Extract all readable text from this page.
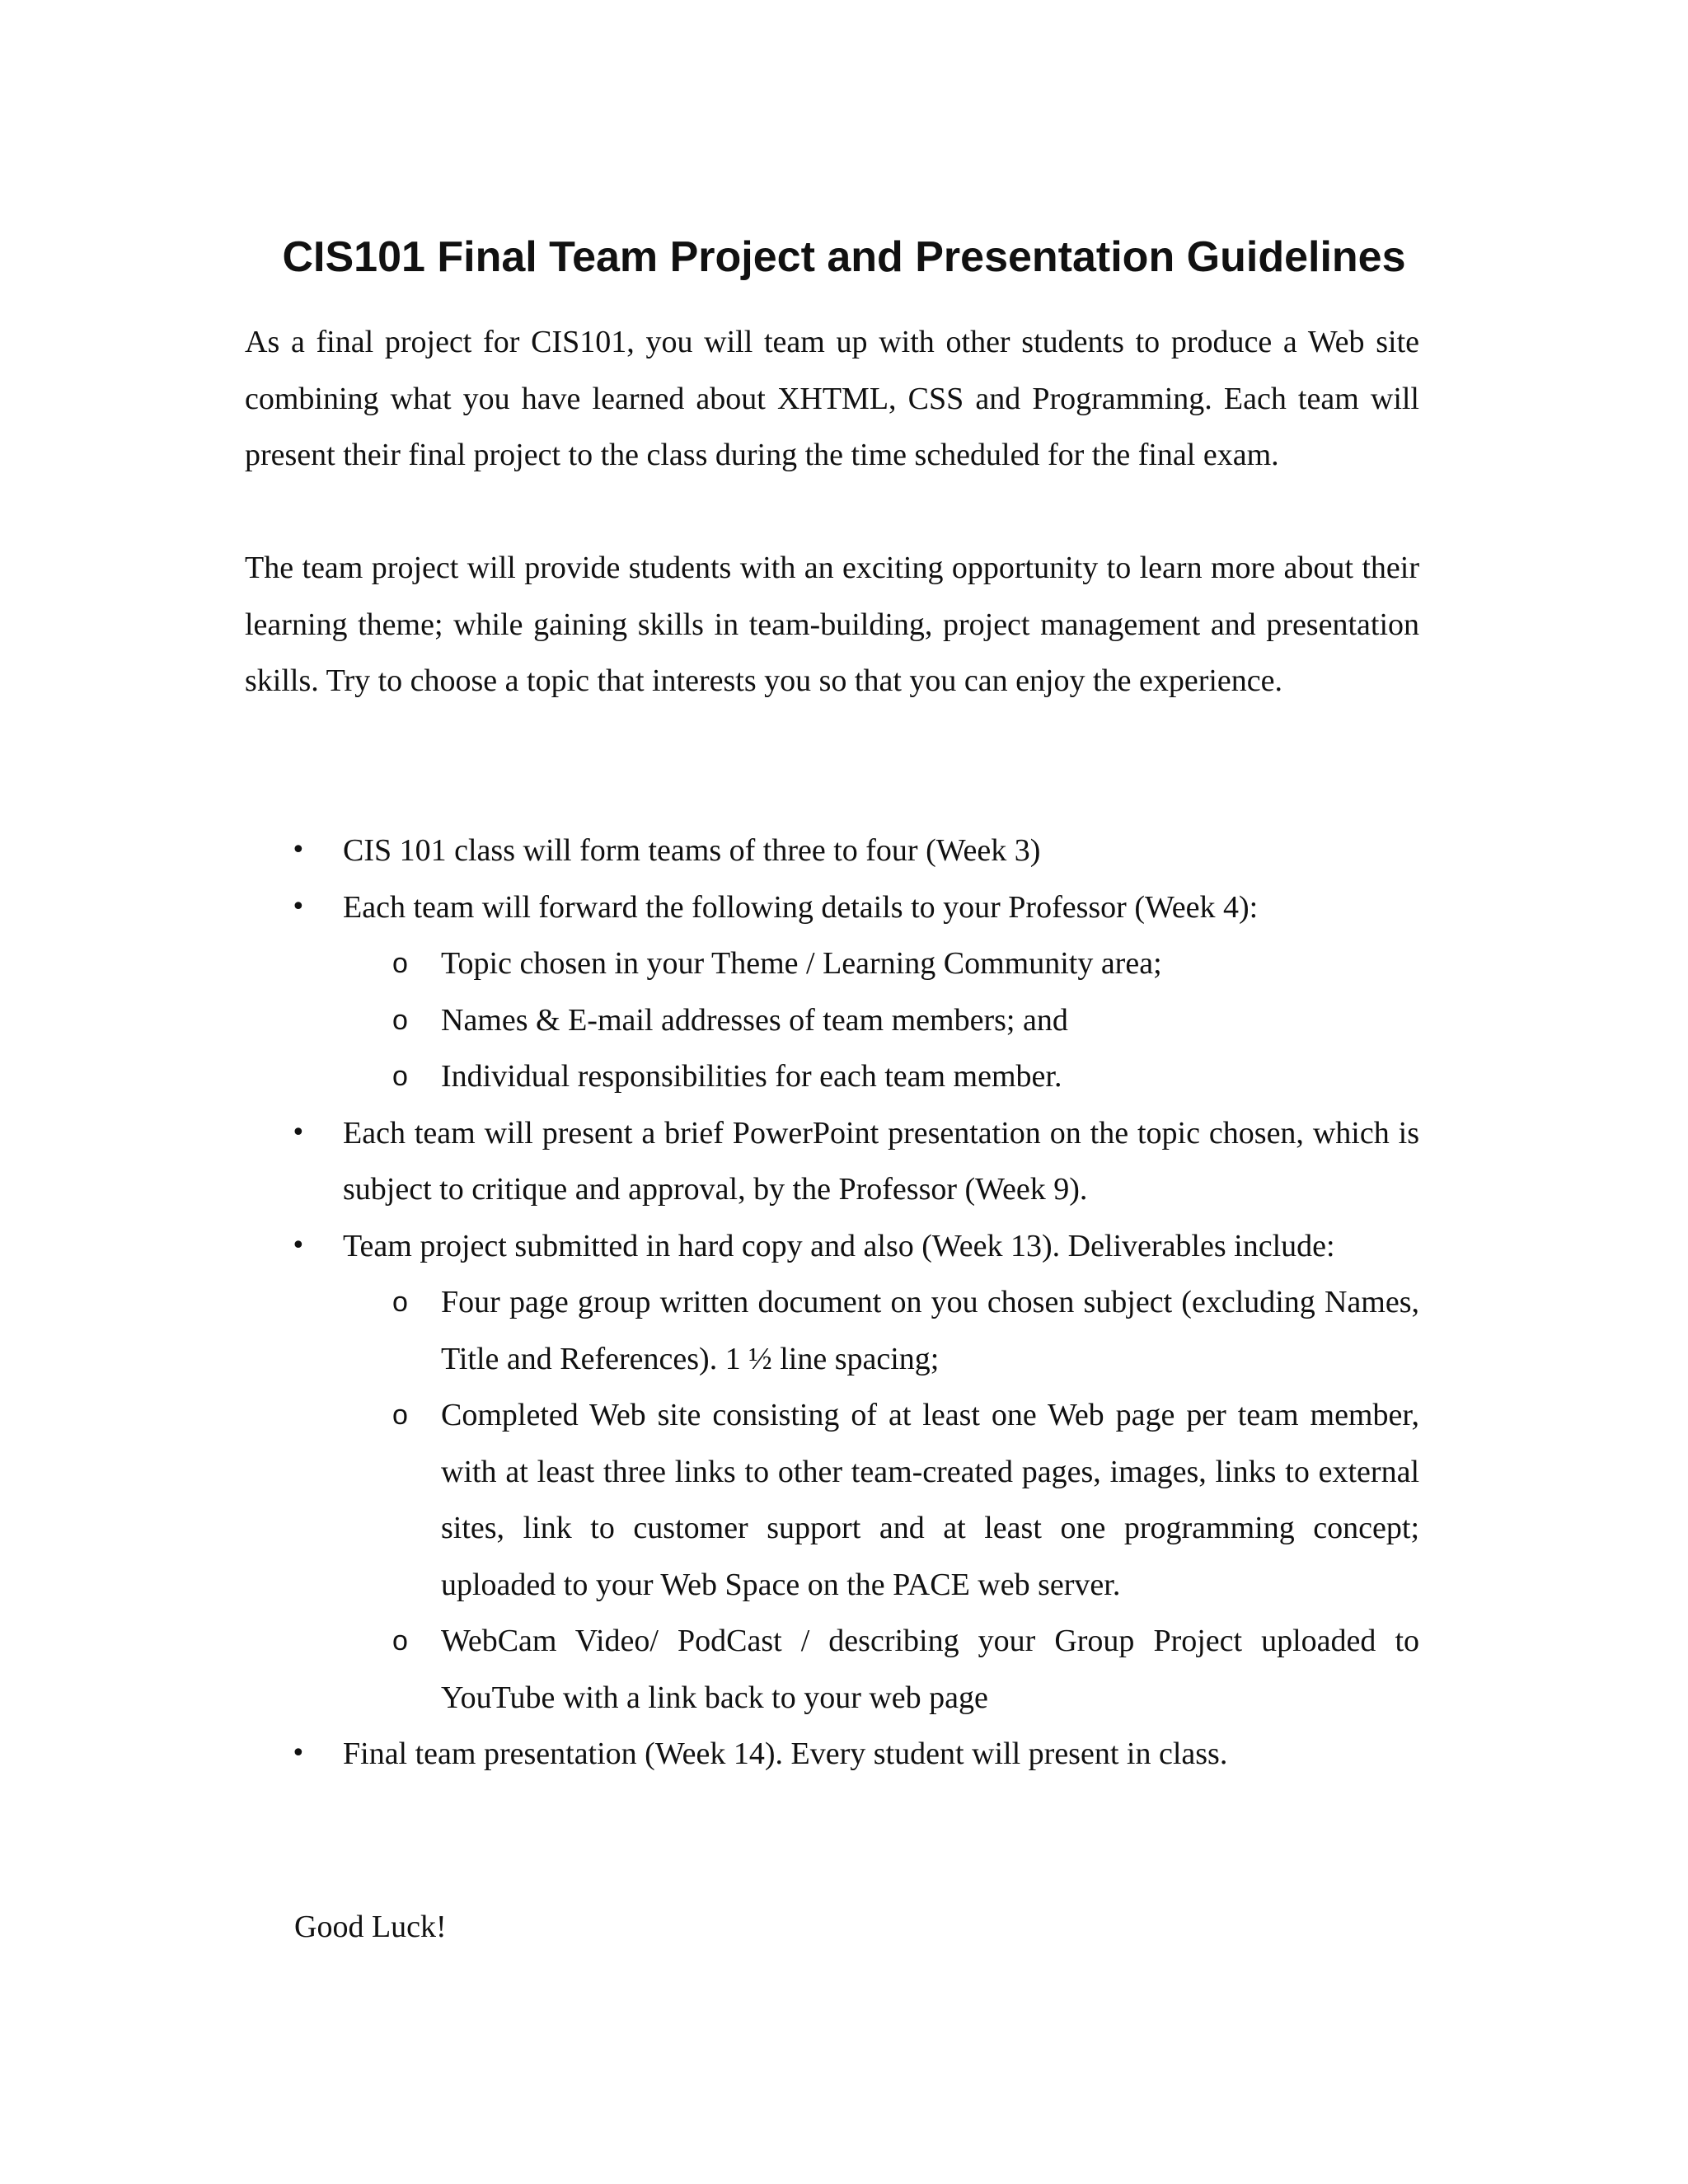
CIS101 Final Team Project and Presentation Guidelines

As a final project for CIS101, you will team up with other students to produce a Web site combining what you have learned about XHTML, CSS and Programming. Each team will present their final project to the class during the time scheduled for the final exam.

The team project will provide students with an exciting opportunity to learn more about their learning theme; while gaining skills in team-building, project management and presentation skills. Try to choose a topic that interests you so that you can enjoy the experience.

• CIS 101 class will form teams of three to four (Week 3)
• Each team will forward the following details to your Professor (Week 4):
o Topic chosen in your Theme / Learning Community area;
o Names & E-mail addresses of team members; and
o Individual responsibilities for each team member.
• Each team will present a brief PowerPoint presentation on the topic chosen, which is subject to critique and approval, by the Professor (Week 9).
• Team project submitted in hard copy and also (Week 13). Deliverables include:
o Four page group written document on you chosen subject (excluding Names, Title and References). 1 ½ line spacing;
o Completed Web site consisting of at least one Web page per team member, with at least three links to other team-created pages, images, links to external sites, link to customer support and at least one programming concept; uploaded to your Web Space on the PACE web server.
o WebCam Video/ PodCast / describing your Group Project uploaded to YouTube with a link back to your web page
• Final team presentation (Week 14). Every student will present in class.

Good Luck!
